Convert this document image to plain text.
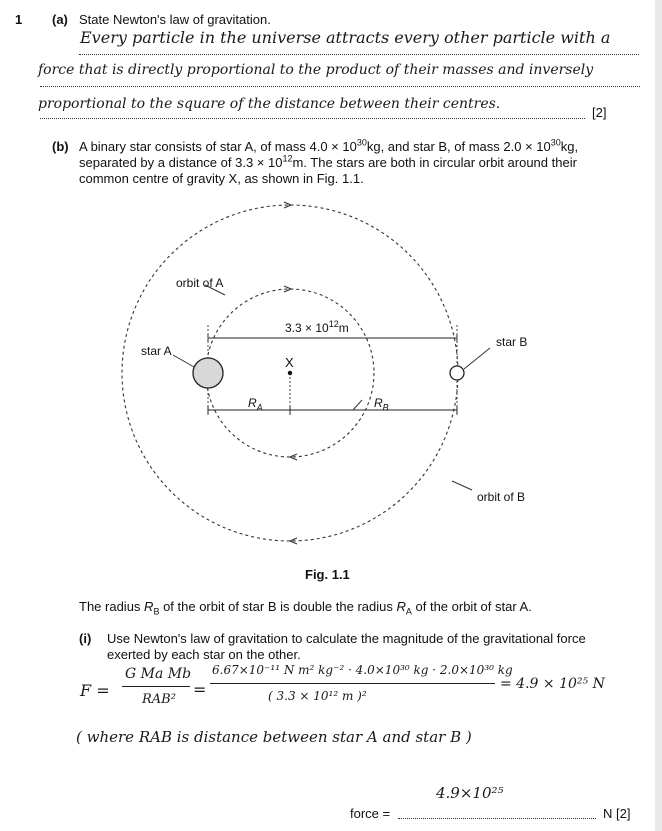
1 (a) State Newton's law of gravitation.
Every particle in the universe attracts every other particle with a
force that is directly proportional to the product of their masses and inversely
proportional to the square of the distance between their centres.
[2]
(b) A binary star consists of star A, of mass $4.0 \times 10^{30}kg$, and star B, of mass $2.0 \times 10^{30}kg$,
separated by a distance of $3.3 \times 10^{12}m$. The stars are both in circular orbit around their
common centre of gravity X, as shown in Fig. 1.1.
orbit of A
star A
star B
orbit of B
$3.3 \times 10^{12}m$
X
$R_A$	$R_B$
Fig. 1.1
The radius $R_B$ of the orbit of star B is double the radius $R_A$ of the orbit of star A.
(i) Use Newton's law of gravitation to calculate the magnitude of the gravitational force
exerted by each star on the other.
F =
G Ma Mb
RAB²
=
6.67×10⁻¹¹ N m² kg⁻² · 4.0×10³⁰ kg · 2.0×10³⁰ kg
( 3.3 × 10¹² m )²
= 4.9 × 10²⁵ N
( where RAB is distance between star A and star B )
4.9×10²⁵
force =	N [2]
